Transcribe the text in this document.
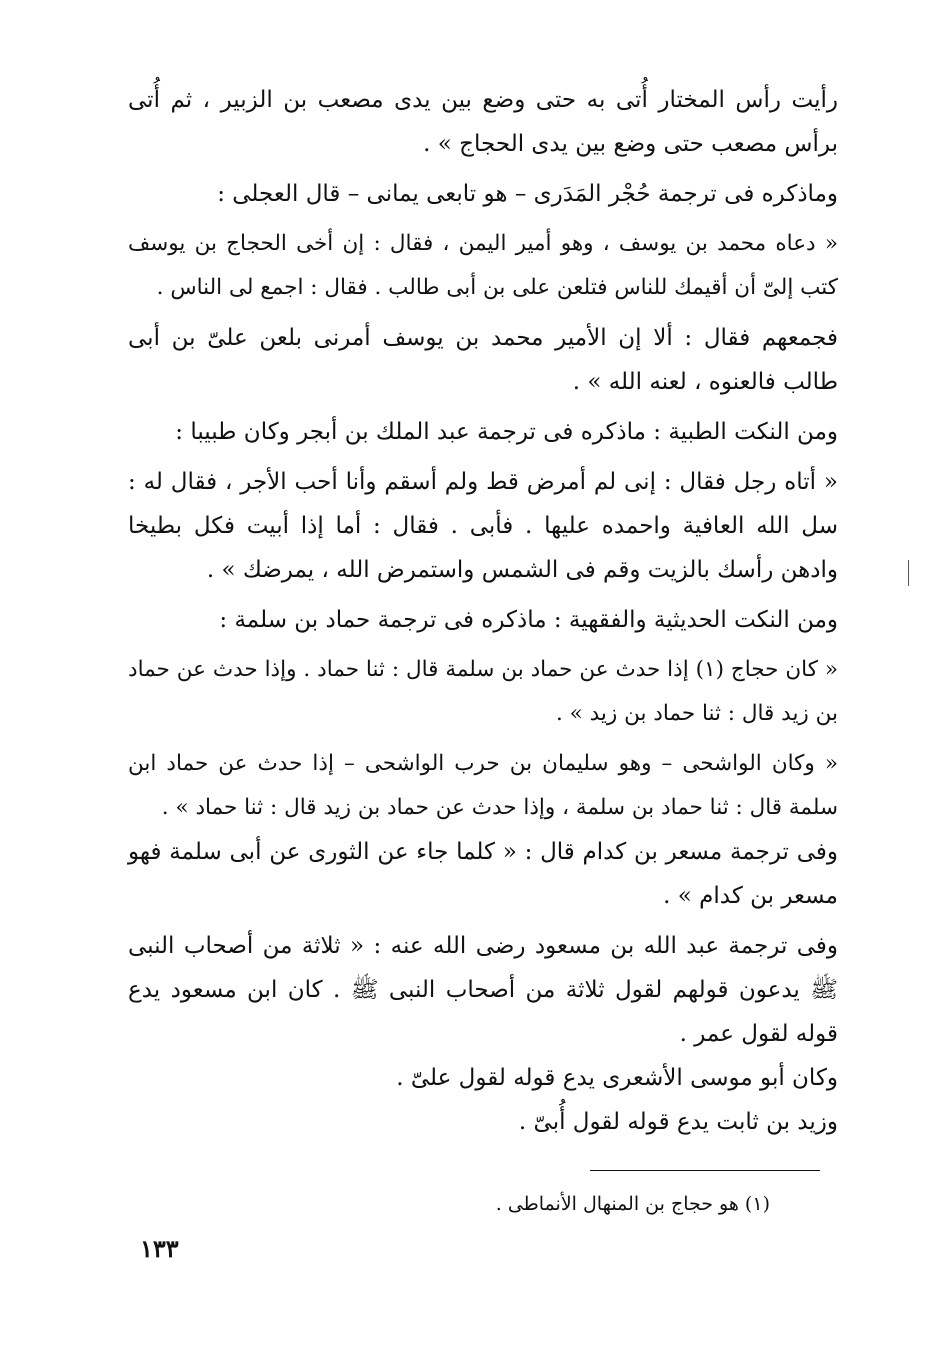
رأيت رأس المختار أُتى به حتى وضع بين يدى مصعب بن الزبير ، ثم أُتى برأس مصعب حتى وضع بين يدى الحجاج » .

وماذكره فى ترجمة حُجْر المَدَرى – هو تابعى يمانى – قال العجلى :

« دعاه محمد بن يوسف ، وهو أمير اليمن ، فقال : إن أخى الحجاج بن يوسف كتب إلىّ أن أقيمك للناس فتلعن على بن أبى طالب . فقال : اجمع لى الناس .

فجمعهم فقال : ألا إن الأمير محمد بن يوسف أمرنى بلعن علىّ بن أبى طالب فالعنوه ، لعنه الله » .

ومن النكت الطبية : ماذكره فى ترجمة عبد الملك بن أبجر وكان طبيبا :

« أتاه رجل فقال : إنى لم أمرض قط ولم أسقم وأنا أحب الأجر ، فقال له : سل الله العافية واحمده عليها . فأبى . فقال : أما إذا أبيت فكل بطيخا وادهن رأسك بالزيت وقم فى الشمس واستمرض الله ، يمرضك » .

ومن النكت الحديثية والفقهية : ماذكره فى ترجمة حماد بن سلمة :

« كان حجاج (١) إذا حدث عن حماد بن سلمة قال : ثنا حماد . وإذا حدث عن حماد بن زيد قال : ثنا حماد بن زيد » .

« وكان الواشحى – وهو سليمان بن حرب الواشحى – إذا حدث عن حماد ابن سلمة قال : ثنا حماد بن سلمة ، وإذا حدث عن حماد بن زيد قال : ثنا حماد » .

وفى ترجمة مسعر بن كدام قال : « كلما جاء عن الثورى عن أبى سلمة فهو مسعر بن كدام » .

وفى ترجمة عبد الله بن مسعود رضى الله عنه : « ثلاثة من أصحاب النبى ﷺ يدعون قولهم لقول ثلاثة من أصحاب النبى ﷺ . كان ابن مسعود يدع قوله لقول عمر .

وكان أبو موسى الأشعرى يدع قوله لقول علىّ .

وزيد بن ثابت يدع قوله لقول أُبىّ .

(١) هو حجاج بن المنهال الأنماطى .
١٣٣
